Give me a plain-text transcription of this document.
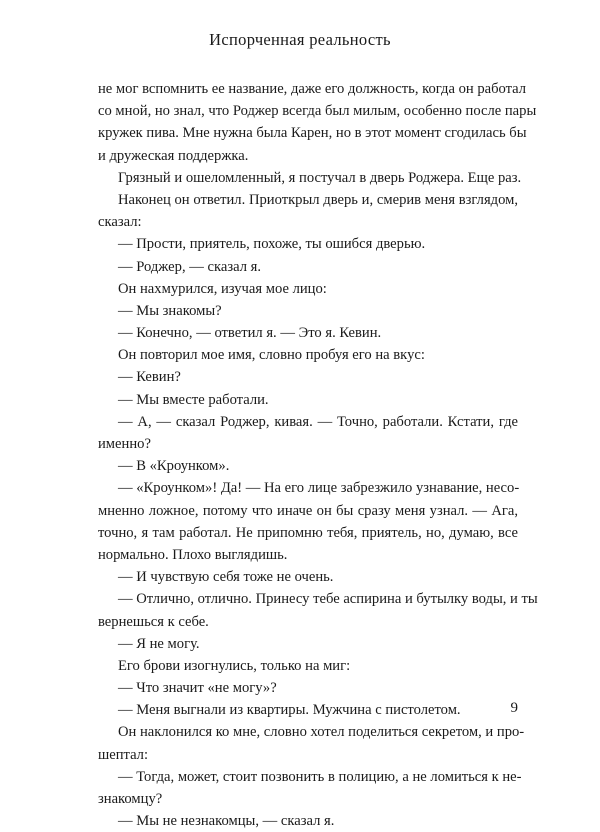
Испорченная реальность
не мог вспомнить ее название, даже его должность, когда он работал
со мной, но знал, что Роджер всегда был милым, особенно после пары
кружек пива. Мне нужна была Карен, но в этот момент сгодилась бы
и дружеская поддержка.
Грязный и ошеломленный, я постучал в дверь Роджера. Еще раз.
Наконец он ответил. Приоткрыл дверь и, смерив меня взглядом,
сказал:
— Прости, приятель, похоже, ты ошибся дверью.
— Роджер, — сказал я.
Он нахмурился, изучая мое лицо:
— Мы знакомы?
— Конечно, — ответил я. — Это я. Кевин.
Он повторил мое имя, словно пробуя его на вкус:
— Кевин?
— Мы вместе работали.
— А, — сказал Роджер, кивая. — Точно, работали. Кстати, где
именно?
— В «Кроунком».
— «Кроунком»! Да! — На его лице забрезжило узнавание, несо-
мненно ложное, потому что иначе он бы сразу меня узнал. — Ага,
точно, я там работал. Не припомню тебя, приятель, но, думаю, все
нормально. Плохо выглядишь.
— И чувствую себя тоже не очень.
— Отлично, отлично. Принесу тебе аспирина и бутылку воды, и ты
вернешься к себе.
— Я не могу.
Его брови изогнулись, только на миг:
— Что значит «не могу»?
— Меня выгнали из квартиры. Мужчина с пистолетом.
Он наклонился ко мне, словно хотел поделиться секретом, и про-
шептал:
— Тогда, может, стоит позвонить в полицию, а не ломиться к не-
знакомцу?
— Мы не незнакомцы, — сказал я.
9
